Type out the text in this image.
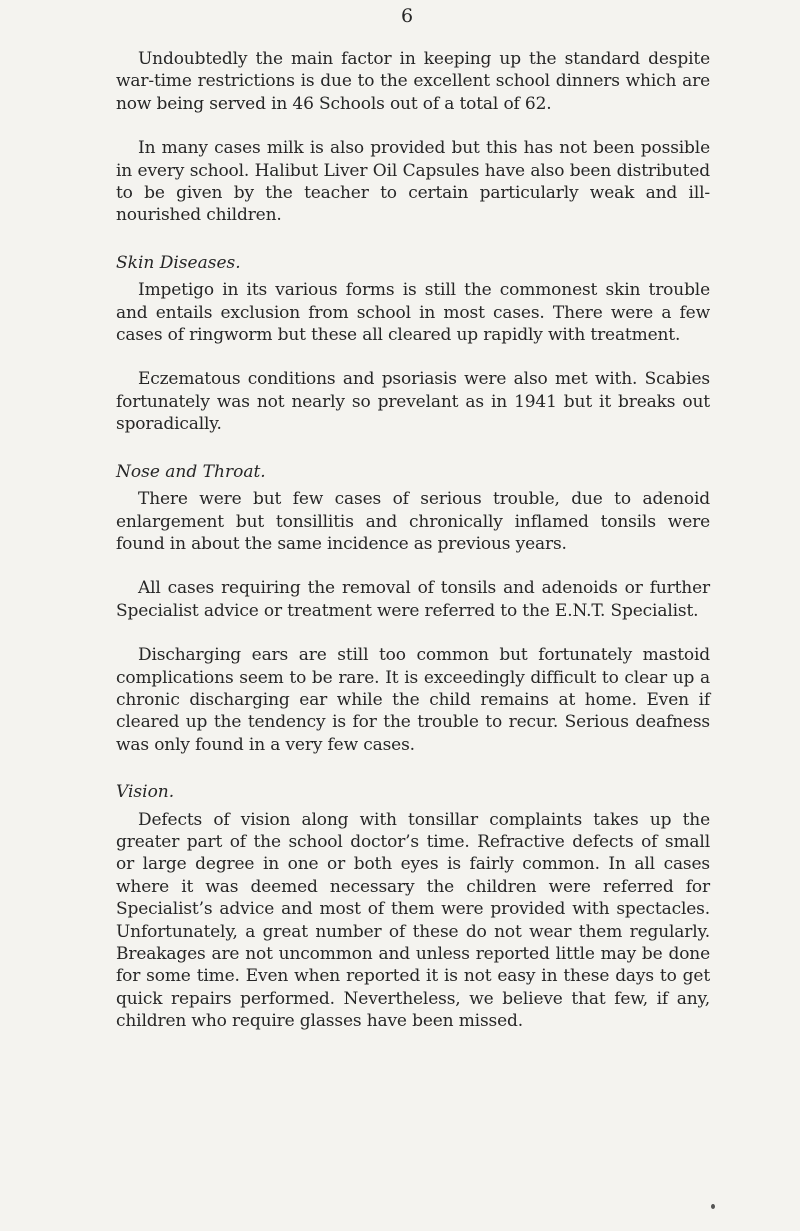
6

Undoubtedly the main factor in keeping up the standard despite war-time restrictions is due to the excellent school dinners which are now being served in 46 Schools out of a total of 62.

In many cases milk is also provided but this has not been possible in every school. Halibut Liver Oil Capsules have also been distributed to be given by the teacher to certain particularly weak and ill-nourished children.

Skin Diseases.

Impetigo in its various forms is still the commonest skin trouble and entails exclusion from school in most cases. There were a few cases of ringworm but these all cleared up rapidly with treatment.

Eczematous conditions and psoriasis were also met with. Scabies fortunately was not nearly so prevelant as in 1941 but it breaks out sporadically.

Nose and Throat.

There were but few cases of serious trouble, due to adenoid enlargement but tonsillitis and chronically inflamed tonsils were found in about the same incidence as previous years.

All cases requiring the removal of tonsils and adenoids or further Specialist advice or treatment were referred to the E.N.T. Specialist.

Discharging ears are still too common but fortunately mastoid complications seem to be rare. It is exceedingly difficult to clear up a chronic discharging ear while the child remains at home. Even if cleared up the tendency is for the trouble to recur. Serious deafness was only found in a very few cases.

Vision.

Defects of vision along with tonsillar complaints takes up the greater part of the school doctor’s time. Refractive defects of small or large degree in one or both eyes is fairly common. In all cases where it was deemed necessary the children were referred for Specialist’s advice and most of them were provided with spectacles. Unfortunately, a great number of these do not wear them regularly. Breakages are not uncommon and unless reported little may be done for some time. Even when reported it is not easy in these days to get quick repairs performed. Nevertheless, we believe that few, if any, children who require glasses have been missed.
